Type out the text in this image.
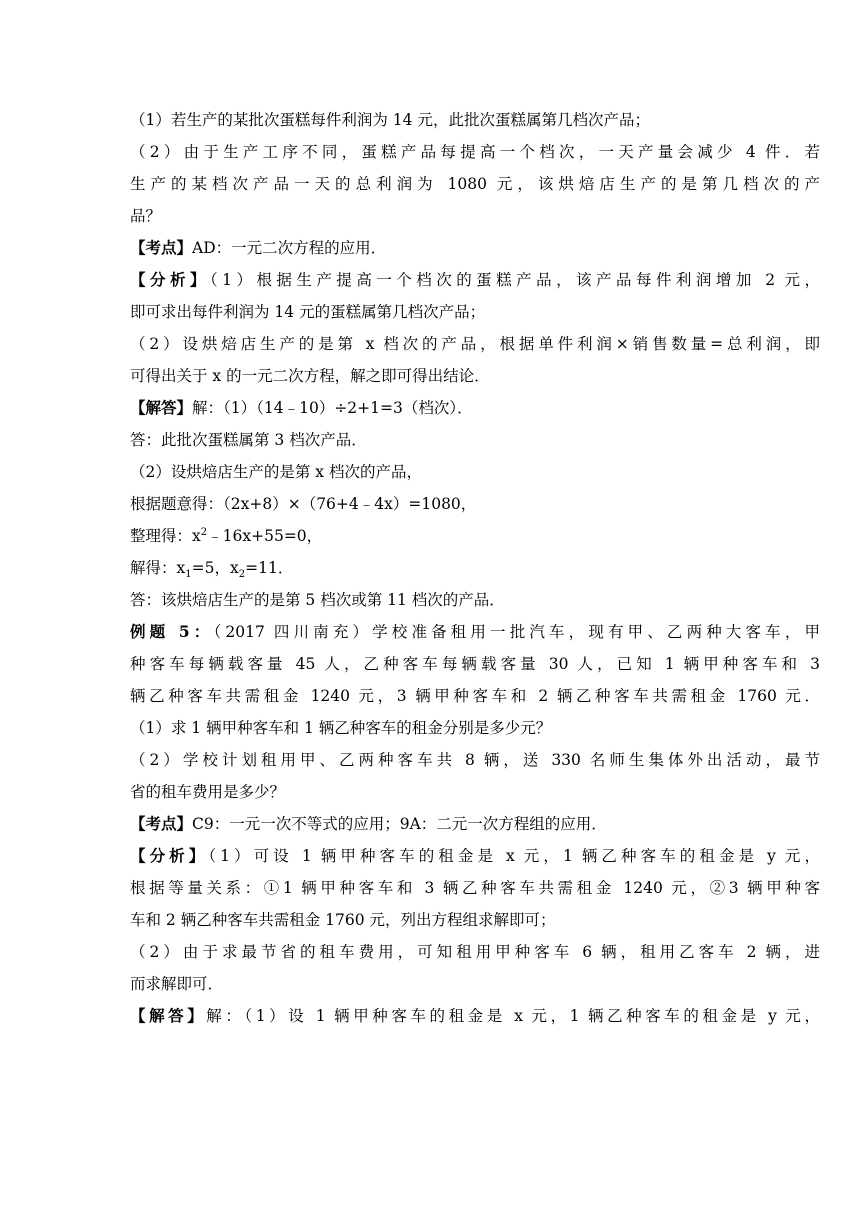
（1）若生产的某批次蛋糕每件利润为 14 元，此批次蛋糕属第几档次产品；
（2）由于生产工序不同，蛋糕产品每提高一个档次，一天产量会减少 4 件．若
生产的某档次产品一天的总利润为 1080 元，该烘焙店生产的是第几档次的产
品？
【考点】AD：一元二次方程的应用．
【分析】（1）根据生产提高一个档次的蛋糕产品，该产品每件利润增加 2 元，
即可求出每件利润为 14 元的蛋糕属第几档次产品；
（2）设烘焙店生产的是第 x 档次的产品，根据单件利润×销售数量=总利润，即
可得出关于 x 的一元二次方程，解之即可得出结论．
【解答】解：（1）（14﹣10）÷2+1=3（档次）．
答：此批次蛋糕属第 3 档次产品．
（2）设烘焙店生产的是第 x 档次的产品，
根据题意得：（2x+8）×（76+4﹣4x）=1080，
整理得：$x^2﹣16x+55=0$，
解得：$x_1=5$，$x_2=11$．
答：该烘焙店生产的是第 5 档次或第 11 档次的产品．
例题 5：（2017 四川南充）学校准备租用一批汽车，现有甲、乙两种大客车，甲
种客车每辆载客量 45 人，乙种客车每辆载客量 30 人，已知 1 辆甲种客车和 3
辆乙种客车共需租金 1240 元，3 辆甲种客车和 2 辆乙种客车共需租金 1760 元．
（1）求 1 辆甲种客车和 1 辆乙种客车的租金分别是多少元？
（2）学校计划租用甲、乙两种客车共 8 辆，送 330 名师生集体外出活动，最节
省的租车费用是多少？
【考点】C9：一元一次不等式的应用；9A：二元一次方程组的应用．
【分析】（1）可设 1 辆甲种客车的租金是 x 元，1 辆乙种客车的租金是 y 元，
根据等量关系：①1 辆甲种客车和 3 辆乙种客车共需租金 1240 元，②3 辆甲种客
车和 2 辆乙种客车共需租金 1760 元，列出方程组求解即可；
（2）由于求最节省的租车费用，可知租用甲种客车 6 辆，租用乙客车 2 辆，进
而求解即可．
【解答】解：（1）设 1 辆甲种客车的租金是 x 元，1 辆乙种客车的租金是 y 元，
